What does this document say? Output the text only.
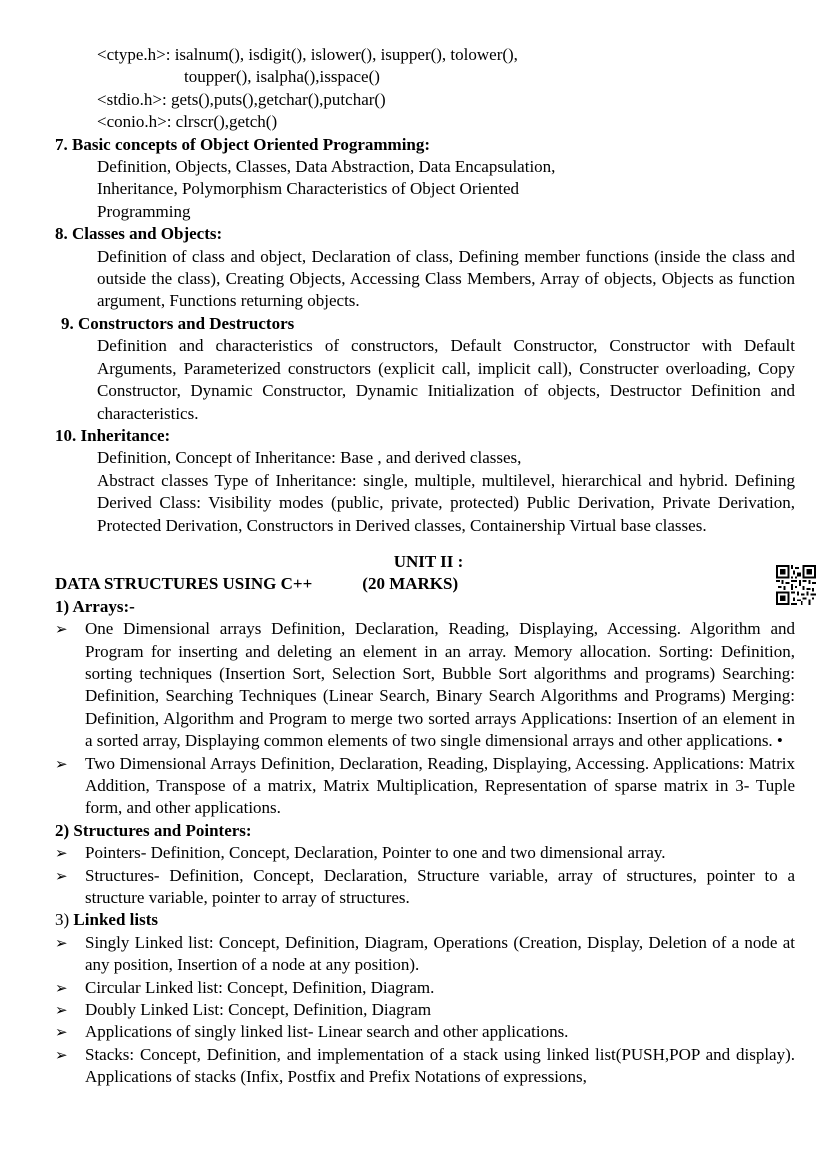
<ctype.h>: isalnum(), isdigit(), islower(), isupper(), tolower(),
toupper(), isalpha(),isspace()
<stdio.h>: gets(),puts(),getchar(),putchar()
<conio.h>: clrscr(),getch()
7. Basic concepts of Object Oriented Programming:
Definition, Objects, Classes, Data Abstraction, Data Encapsulation,
Inheritance, Polymorphism Characteristics of Object Oriented
Programming
8. Classes and Objects:
Definition of class and object, Declaration of class, Defining member functions (inside the class and outside the class), Creating Objects, Accessing Class Members, Array of objects, Objects as function argument, Functions returning objects.
9. Constructors and Destructors
Definition and characteristics of constructors, Default Constructor, Constructor with Default Arguments, Parameterized constructors (explicit call, implicit call), Constructer overloading, Copy Constructor, Dynamic Constructor, Dynamic Initialization of objects, Destructor Definition and characteristics.
10. Inheritance:
Definition, Concept of Inheritance: Base , and derived classes,
Abstract classes Type of Inheritance: single, multiple, multilevel, hierarchical and hybrid. Defining Derived Class: Visibility modes (public, private, protected) Public Derivation, Private Derivation, Protected Derivation, Constructors in Derived classes, Containership Virtual base classes.
UNIT II :
DATA STRUCTURES USING C++	(20 MARKS)
1) Arrays:-
➢ One Dimensional arrays Definition, Declaration, Reading, Displaying, Accessing. Algorithm and Program for inserting and deleting an element in an array. Memory allocation. Sorting: Definition, sorting techniques (Insertion Sort, Selection Sort, Bubble Sort algorithms and programs) Searching: Definition, Searching Techniques (Linear Search, Binary Search Algorithms and Programs) Merging: Definition, Algorithm and Program to merge two sorted arrays Applications: Insertion of an element in a sorted array, Displaying common elements of two single dimensional arrays and other applications. •
➢ Two Dimensional Arrays Definition, Declaration, Reading, Displaying, Accessing. Applications: Matrix Addition, Transpose of a matrix, Matrix Multiplication, Representation of sparse matrix in 3- Tuple form, and other applications.
2) Structures and Pointers:
➢ Pointers- Definition, Concept, Declaration, Pointer to one and two dimensional array.
➢ Structures- Definition, Concept, Declaration, Structure variable, array of structures, pointer to a structure variable, pointer to array of structures.
3) Linked lists
➢ Singly Linked list: Concept, Definition, Diagram, Operations (Creation, Display, Deletion of a node at any position, Insertion of a node at any position).
➢ Circular Linked list: Concept, Definition, Diagram.
➢ Doubly Linked List: Concept, Definition, Diagram
➢ Applications of singly linked list- Linear search and other applications.
➢ Stacks: Concept, Definition, and implementation of a stack using linked list(PUSH,POP and display). Applications of stacks (Infix, Postfix and Prefix Notations of expressions,
